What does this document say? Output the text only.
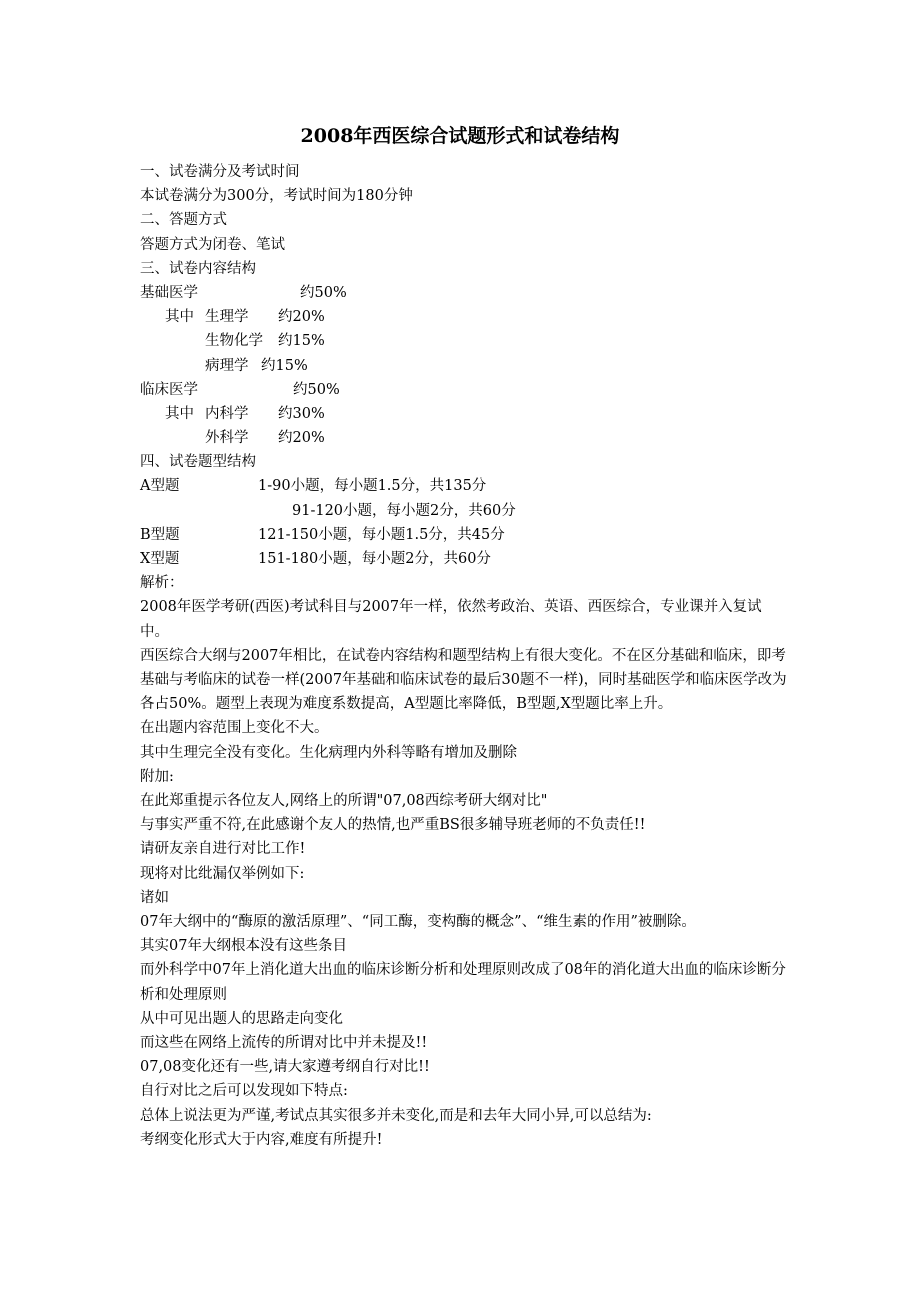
2008年西医综合试题形式和试卷结构
一、试卷满分及考试时间
本试卷满分为300分，考试时间为180分钟
二、答题方式
答题方式为闭卷、笔试
三、试卷内容结构
基础医学	约50%
其中 生理学 约20%
生物化学 约15%
病理学 约15%
临床医学	约50%
其中 内科学 约30%
外科学 约20%
四、试卷题型结构
A型题	1-90小题，每小题1.5分，共135分
91-120小题，每小题2分，共60分
B型题	121-150小题，每小题1.5分，共45分
X型题	151-180小题，每小题2分，共60分
解析：
2008年医学考研(西医)考试科目与2007年一样，依然考政治、英语、西医综合，专业课并入复试中。
西医综合大纲与2007年相比，在试卷内容结构和题型结构上有很大变化。不在区分基础和临床，即考基础与考临床的试卷一样(2007年基础和临床试卷的最后30题不一样)，同时基础医学和临床医学改为各占50%。题型上表现为难度系数提高，A型题比率降低，B型题,X型题比率上升。
在出题内容范围上变化不大。
其中生理完全没有变化。生化病理内外科等略有增加及删除
附加:
在此郑重提示各位友人,网络上的所谓"07,08西综考研大纲对比"
与事实严重不符,在此感谢个友人的热情,也严重BS很多辅导班老师的不负责任!!
请研友亲自进行对比工作!
现将对比纰漏仅举例如下:
诸如
07年大纲中的“酶原的激活原理”、“同工酶，变构酶的概念”、“维生素的作用”被删除。
其实07年大纲根本没有这些条目
而外科学中07年上消化道大出血的临床诊断分析和处理原则改成了08年的消化道大出血的临床诊断分析和处理原则
从中可见出题人的思路走向变化
而这些在网络上流传的所谓对比中并未提及!!
07,08变化还有一些,请大家遵考纲自行对比!!
自行对比之后可以发现如下特点:
总体上说法更为严谨,考试点其实很多并未变化,而是和去年大同小异,可以总结为:
考纲变化形式大于内容,难度有所提升!
